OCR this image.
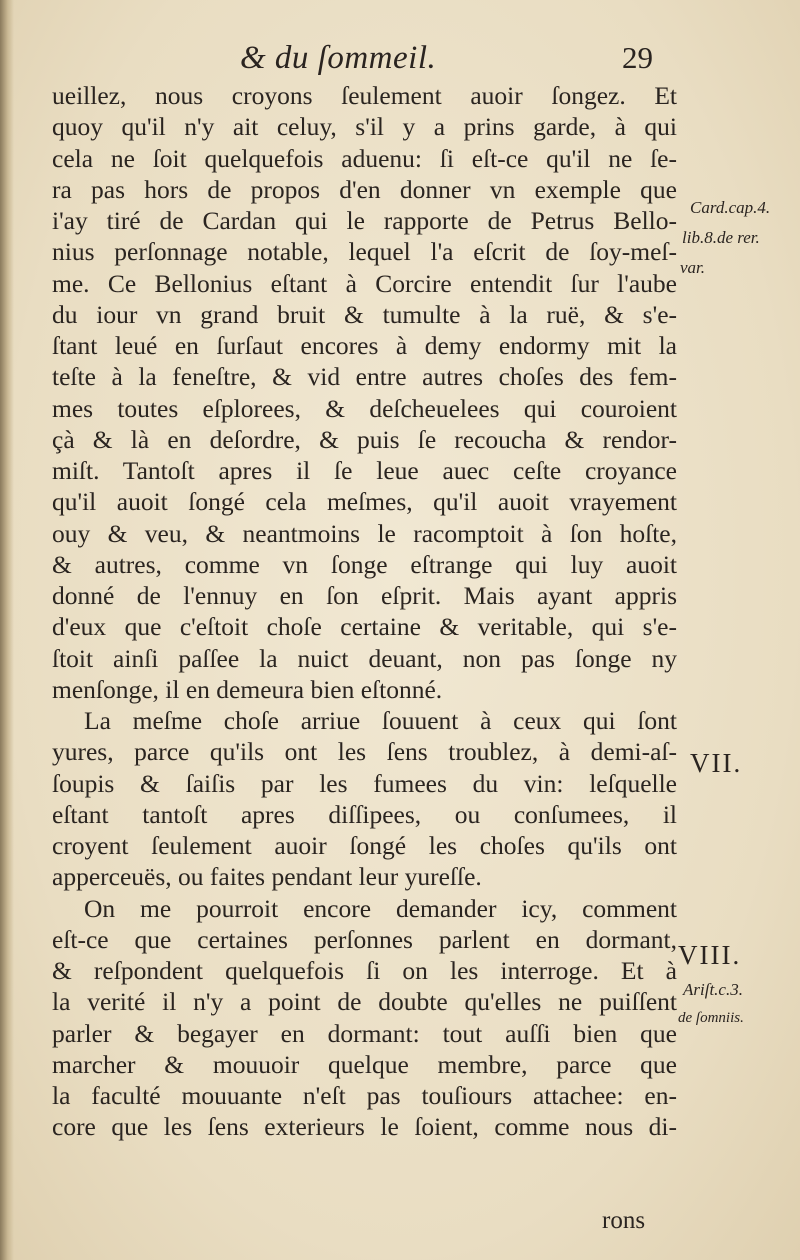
& du ſommeil.	29
ueillez, nous croyons ſeulement auoir ſongez. Et
quoy qu'il n'y ait celuy, s'il y a prins garde, à qui
cela ne ſoit quelquefois aduenu: ſi eſt-ce qu'il ne ſe-
ra pas hors de propos d'en donner vn exemple que
i'ay tiré de Cardan qui le rapporte de Petrus Bello-
nius perſonnage notable, lequel l'a eſcrit de ſoy-meſ-
me. Ce Bellonius eſtant à Corcire entendit ſur l'aube
du iour vn grand bruit & tumulte à la ruë, & s'e-
ſtant leué en ſurſaut encores à demy endormy mit la
teſte à la feneſtre, & vid entre autres choſes des fem-
mes toutes eſplorees, & deſcheuelees qui couroient
çà & là en deſordre, & puis ſe recoucha & rendor-
miſt. Tantoſt apres il ſe leue auec ceſte croyance
qu'il auoit ſongé cela meſmes, qu'il auoit vrayement
ouy & veu, & neantmoins le racomptoit à ſon hoſte,
& autres, comme vn ſonge eſtrange qui luy auoit
donné de l'ennuy en ſon eſprit. Mais ayant appris
d'eux que c'eſtoit choſe certaine & veritable, qui s'e-
ſtoit ainſi paſſee la nuict deuant, non pas ſonge ny
menſonge, il en demeura bien eſtonné.
La meſme choſe arriue ſouuent à ceux qui ſont
yures, parce qu'ils ont les ſens troublez, à demi-aſ-
ſoupis & ſaiſis par les fumees du vin: leſquelle
eſtant tantoſt apres diſſipees, ou conſumees, il
croyent ſeulement auoir ſongé les choſes qu'ils ont
apperceuës, ou faites pendant leur yureſſe.
On me pourroit encore demander icy, comment
eſt-ce que certaines perſonnes parlent en dormant,
& reſpondent quelquefois ſi on les interroge. Et à
la verité il n'y a point de doubte qu'elles ne puiſſent
parler & begayer en dormant: tout auſſi bien que
marcher & mouuoir quelque membre, parce que
la faculté mouuante n'eſt pas touſiours attachee: en-
core que les ſens exterieurs le ſoient, comme nous di-
Card.cap.4.
lib.8.de rer.
var.
VII.
VIII.
Ariſt.c.3.
de ſomniis.
rons
